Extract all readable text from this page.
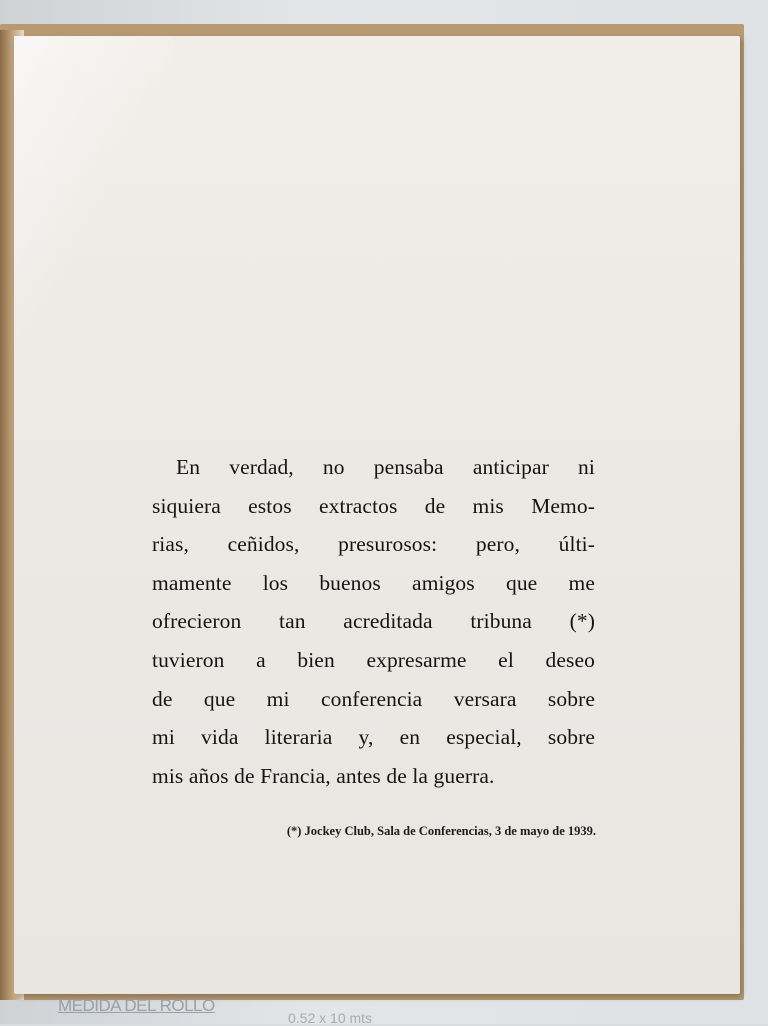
En verdad, no pensaba anticipar ni
siquiera estos extractos de mis Memo-
rias, ceñidos, presurosos: pero, últi-
mamente los buenos amigos que me
ofrecieron tan acreditada tribuna (*)
tuvieron a bien expresarme el deseo
de que mi conferencia versara sobre
mi vida literaria y, en especial, sobre
mis años de Francia, antes de la guerra.
(*) Jockey Club, Sala de Conferencias, 3 de mayo de 1939.
MEDIDA DEL ROLLO
0.52 x 10 mts
